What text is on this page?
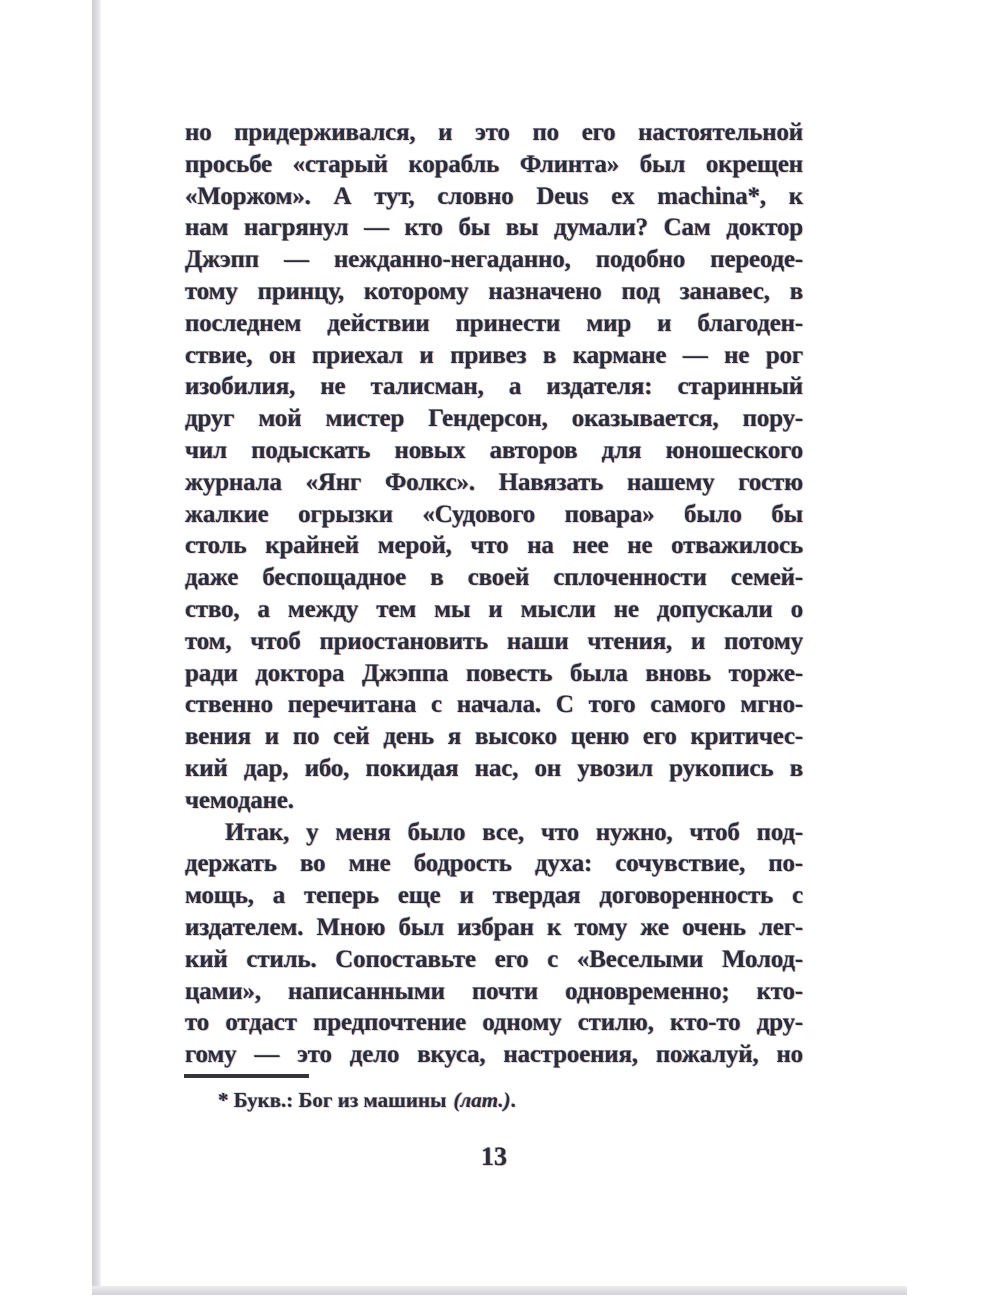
но придерживался, и это по его настоятельной
просьбе «старый корабль Флинта» был окрещен
«Моржом». А тут, словно Deus ex machina*, к
нам нагрянул — кто бы вы думали? Сам доктор
Джэпп — нежданно-негаданно, подобно переоде-
тому принцу, которому назначено под занавес, в
последнем действии принести мир и благоден-
ствие, он приехал и привез в кармане — не рог
изобилия, не талисман, а издателя: старинный
друг мой мистер Гендерсон, оказывается, пору-
чил подыскать новых авторов для юношеского
журнала «Янг Фолкс». Навязать нашему гостю
жалкие огрызки «Судового повара» было бы
столь крайней мерой, что на нее не отважилось
даже беспощадное в своей сплоченности семей-
ство, а между тем мы и мысли не допускали о
том, чтоб приостановить наши чтения, и потому
ради доктора Джэппа повесть была вновь торже-
ственно перечитана с начала. С того самого мгно-
вения и по сей день я высоко ценю его критичес-
кий дар, ибо, покидая нас, он увозил рукопись в
чемодане.
Итак, у меня было все, что нужно, чтоб под-
держать во мне бодрость духа: сочувствие, по-
мощь, а теперь еще и твердая договоренность с
издателем. Мною был избран к тому же очень лег-
кий стиль. Сопоставьте его с «Веселыми Молод-
цами», написанными почти одновременно; кто-
то отдаст предпочтение одному стилю, кто-то дру-
гому — это дело вкуса, настроения, пожалуй, но
* Букв.: Бог из машины (лат.).
13
